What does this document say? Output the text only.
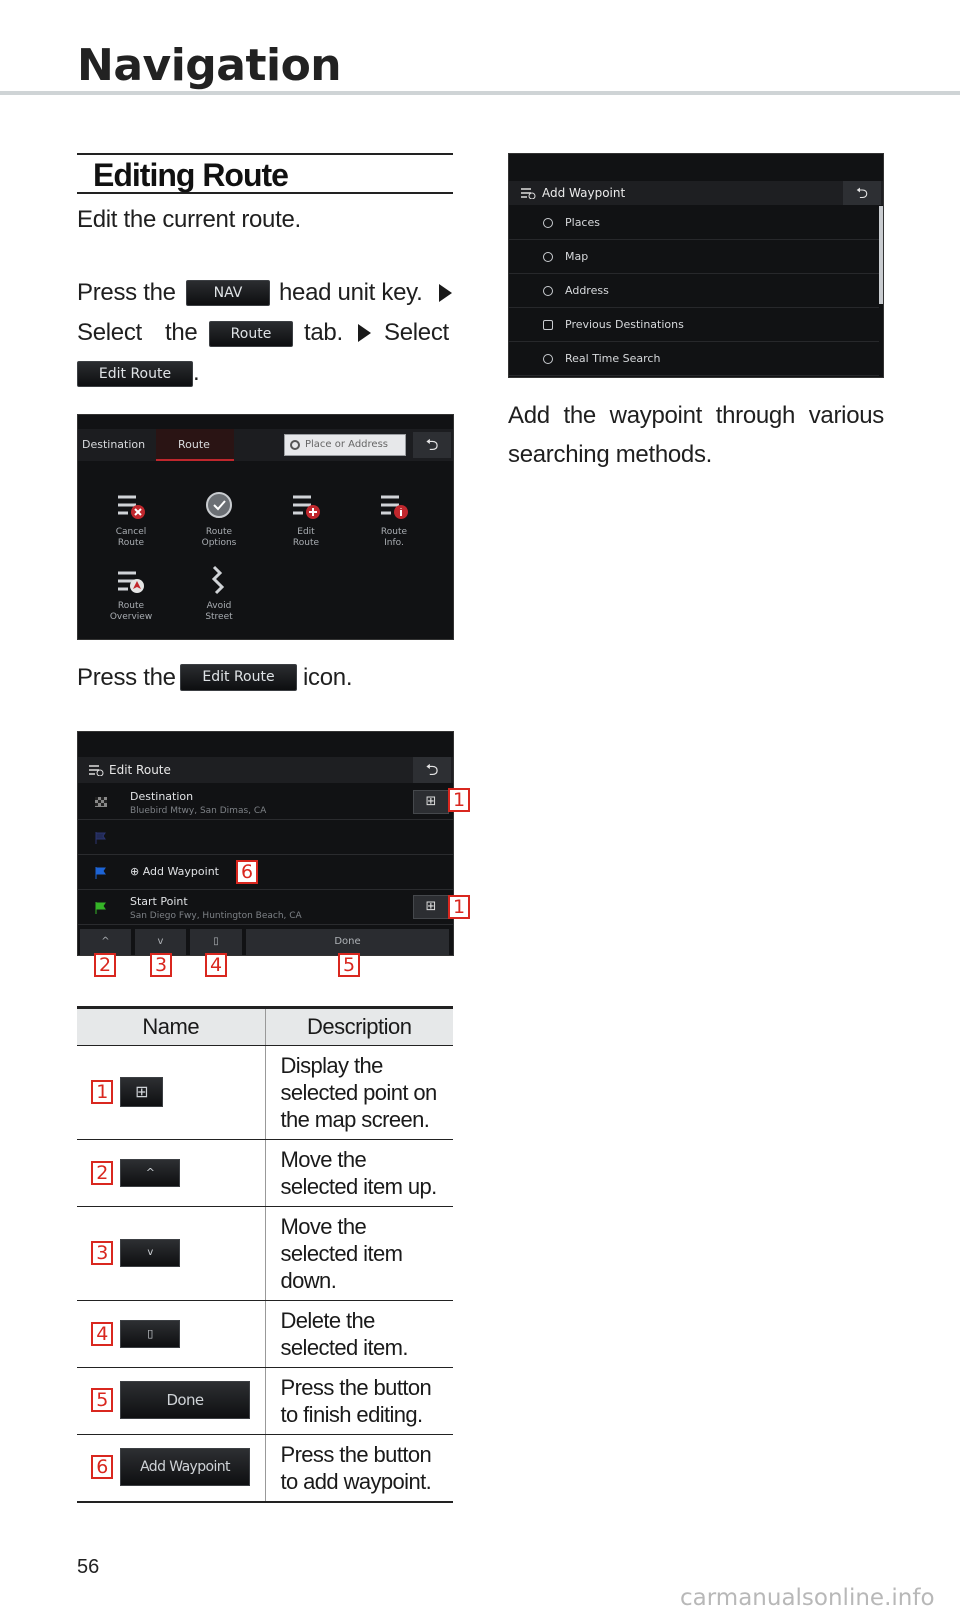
Navigation
Editing Route
Edit the current route.
Press the	NAV	head unit key.
Select the	Route	tab. Select
Edit Route .
Destination	Route	Place or Address	⮌
Cancel
Route
Route
Options
Edit
Route
Route
Info.
Route
Overview
Avoid
Street
Press the	Edit Route	icon.
Edit Route	⮌
Destination
Bluebird Mtwy, San Dimas, CA
⊞
⊕ Add Waypoint
Start Point
San Diego Fwy, Huntington Beach, CA
⊞
^	v	▯	Done
1
6
1
2 3 4	5
Name	Description

1 ⊞	Display the selected point on the map screen.

2 ^	Move the selected item up.

3 v	Move the selected item down.

4 ▯	Delete the selected item.

5 Done	Press the button to finish editing.

6 Add Waypoint	Press the button to add waypoint.
Add Waypoint	⮌
Places
Map
Address
Previous Destinations
Real Time Search
Add the waypoint through various searching methods.
56
carmanualsonline.info
